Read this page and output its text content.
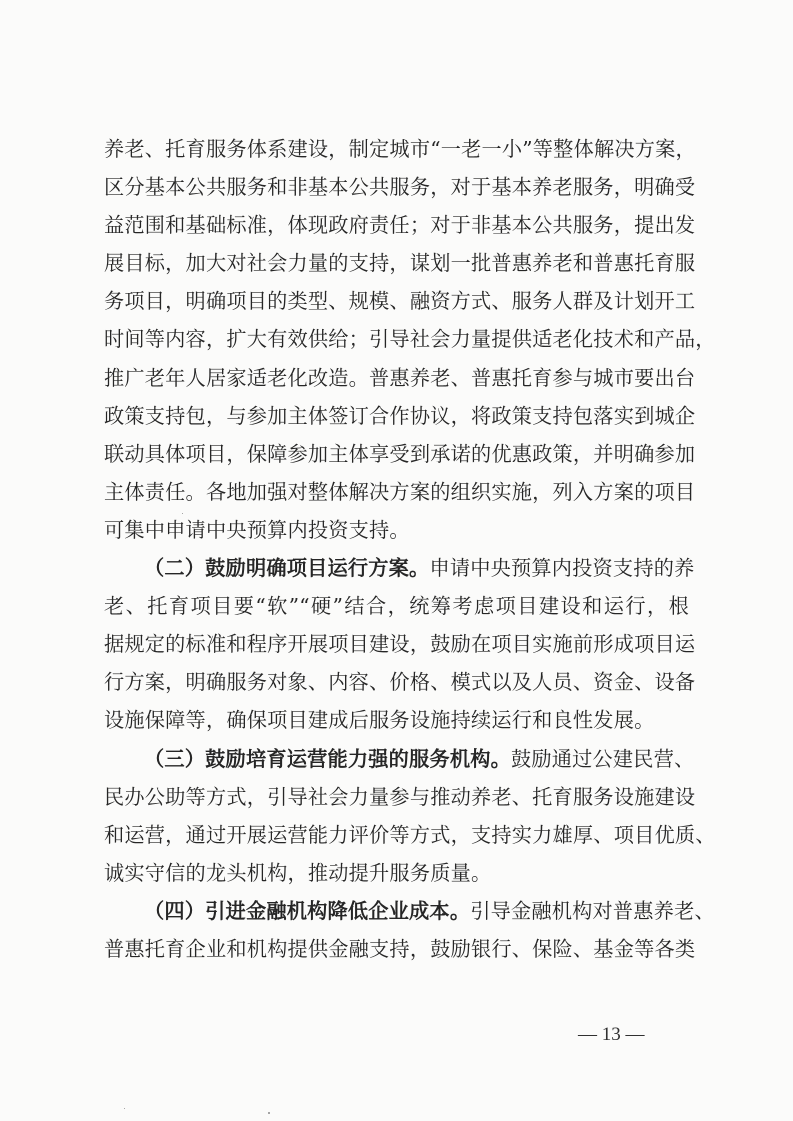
养老、托育服务体系建设，制定城市“一老一小”等整体解决方案，
区分基本公共服务和非基本公共服务，对于基本养老服务，明确受
益范围和基础标准，体现政府责任；对于非基本公共服务，提出发
展目标，加大对社会力量的支持，谋划一批普惠养老和普惠托育服
务项目，明确项目的类型、规模、融资方式、服务人群及计划开工
时间等内容，扩大有效供给；引导社会力量提供适老化技术和产品，
推广老年人居家适老化改造。普惠养老、普惠托育参与城市要出台
政策支持包，与参加主体签订合作协议，将政策支持包落实到城企
联动具体项目，保障参加主体享受到承诺的优惠政策，并明确参加
主体责任。各地加强对整体解决方案的组织实施，列入方案的项目
可集中申请中央预算内投资支持。
（二）鼓励明确项目运行方案。申请中央预算内投资支持的养
老、托育项目要“软”“硬”结合，统筹考虑项目建设和运行，根
据规定的标准和程序开展项目建设，鼓励在项目实施前形成项目运
行方案，明确服务对象、内容、价格、模式以及人员、资金、设备
设施保障等，确保项目建成后服务设施持续运行和良性发展。
（三）鼓励培育运营能力强的服务机构。鼓励通过公建民营、
民办公助等方式，引导社会力量参与推动养老、托育服务设施建设
和运营，通过开展运营能力评价等方式，支持实力雄厚、项目优质、
诚实守信的龙头机构，推动提升服务质量。
（四）引进金融机构降低企业成本。引导金融机构对普惠养老、
普惠托育企业和机构提供金融支持，鼓励银行、保险、基金等各类
— 13 —
